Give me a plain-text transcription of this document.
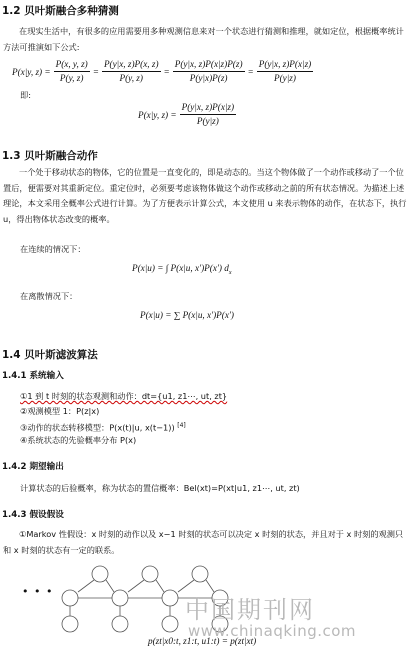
1.2 贝叶斯融合多种猜测
在现实生活中，有很多的应用需要用多种观测信息来对一个状态进行猜测和推理，就如定位，根据概率统计方法可推演如下公式:
P(x|y, $z) = \frac{P(x, y, z)}{P(y, z)} = \frac{P(y|x, z)P(x, z)}{P(y, z)} = \frac{P(y|x, z)P(x|z)P(z)}{P(y|x)P(z)} = \frac{P(y|x, z)P(x|z)}{P(y|z)}$
即:
P(x|y, $z) = \frac{P(y|x, z)P(x|z)}{P(y|z)}$
1.3 贝叶斯融合动作
一个处于移动状态的物体，它的位置是一直变化的，即是动态的。当这个物体做了一个动作或移动了一个位置后，便需要对其重新定位。重定位时，必须要考虑该物体做这个动作或移动之前的所有状态情况。为描述上述理论，本文采用全概率公式进行计算。为了方便表示计算公式，本文使用 u 来表示物体的动作，在状态下，执行 u，得出物体状态改变的概率。
在连续的情况下：
P(x|u) = ∫ P(x|u, x′)P(x′) $d_x$
在离散情况下：
P(x|u) = ∑ P(x|u, x′)P(x′)
1.4 贝叶斯滤波算法
1.4.1 系统输入
①1 到 t 时刻的状态观测和动作：dt={u1, z1⋯, ut, zt}
②观测模型 1：P(z|x)
③动作的状态转移模型：P(x(t)|u, x(t−1)) [4]
④系统状态的先验概率分布 P(x)
1.4.2 期望输出
计算状态的后验概率，称为状态的置信概率：Bel(xt)=P(xt|u1, z1⋯, ut, zt)
1.4.3 假设假设
①Markov 性假设：x 时刻的动作以及 x−1 时刻的状态可以决定 x 时刻的状态，并且对于 x 时刻的观测只和 x 时刻的状态有一定的联系。
• • •
中国期刊网
www.chinaqking.com
p(zt|x0:t, z1:t, u1:t) = p(zt|xt)
